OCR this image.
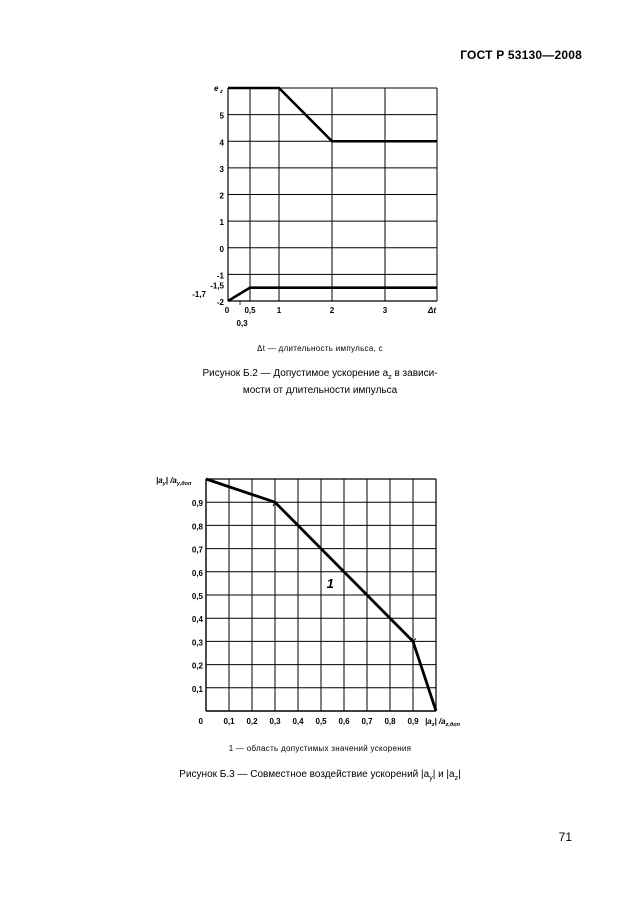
ГОСТ Р 53130—2008
5
4
3
2
1
0
-1
-1,5
-1,7
-2
e z
0 0,5	1	2	3
0,3
Δt
0,9
0,8
0,7
0,6
0,5
0,4
0,3
0,2
0,1
0,1 0,2 0,3 0,4 0,5 0,6 0,7 0,8 0,9
0
$|a_y|$ $/a_{y,доп}$
$|a_z|$ $/a_{z,доп}$
1
Δt — длительность импульса, с
Рисунок Б.2 — Допустимое ускорение $a_z$ в зависи-
мости от длительности импульса
1 — область допустимых значений ускорения
Рисунок Б.3 — Совместное воздействие ускорений $|a_y|$ и $|a_z|$
71
